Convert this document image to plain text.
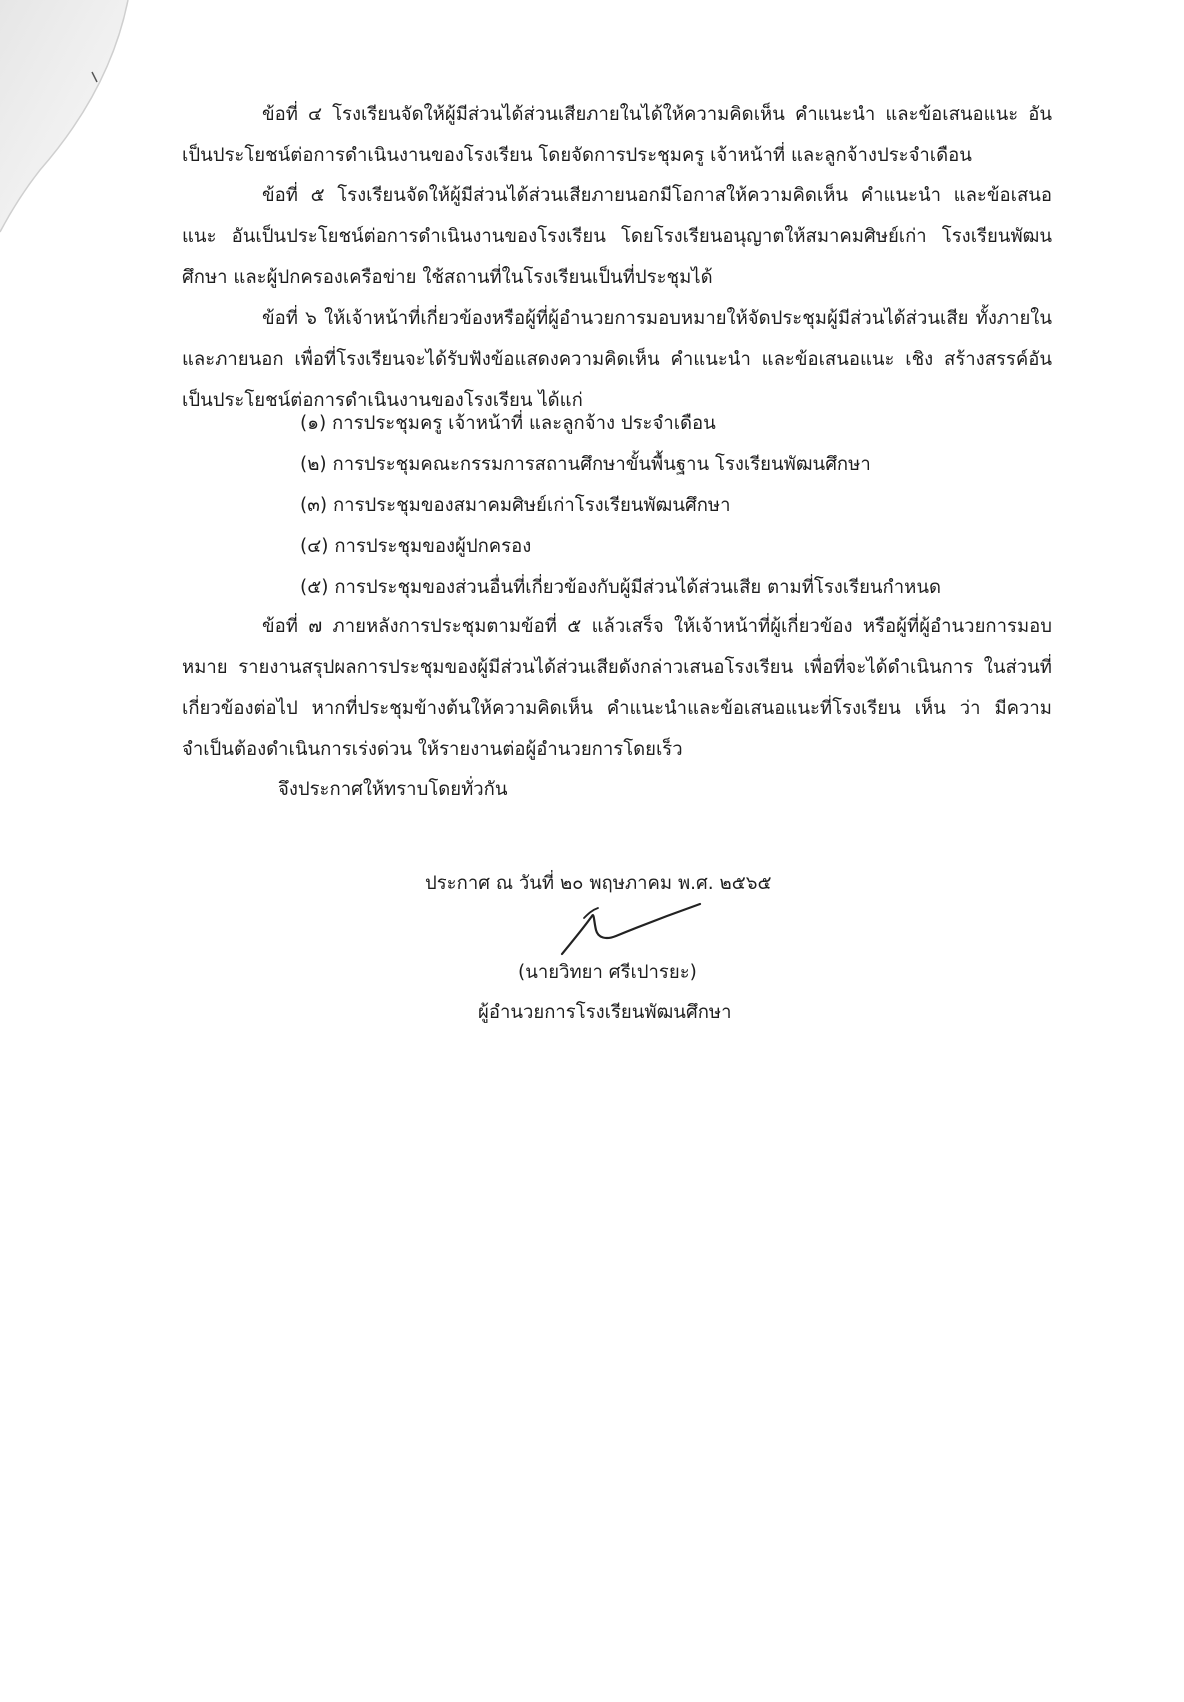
ข้อที่ ๔ โรงเรียนจัดให้ผู้มีส่วนได้ส่วนเสียภายในได้ให้ความคิดเห็น คำแนะนำ และข้อเสนอแนะ อันเป็นประโยชน์ต่อการดำเนินงานของโรงเรียน โดยจัดการประชุมครู เจ้าหน้าที่ และลูกจ้างประจำเดือน

ข้อที่ ๕ โรงเรียนจัดให้ผู้มีส่วนได้ส่วนเสียภายนอกมีโอกาสให้ความคิดเห็น คำแนะนำ และข้อเสนอแนะ อันเป็นประโยชน์ต่อการดำเนินงานของโรงเรียน โดยโรงเรียนอนุญาตให้สมาคมศิษย์เก่า โรงเรียนพัฒนศึกษา และผู้ปกครองเครือข่าย ใช้สถานที่ในโรงเรียนเป็นที่ประชุมได้

ข้อที่ ๖ ให้เจ้าหน้าที่เกี่ยวข้องหรือผู้ที่ผู้อำนวยการมอบหมายให้จัดประชุมผู้มีส่วนได้ส่วนเสีย ทั้งภายในและภายนอก เพื่อที่โรงเรียนจะได้รับฟังข้อแสดงความคิดเห็น คำแนะนำ และข้อเสนอแนะ เชิง สร้างสรรค์อันเป็นประโยชน์ต่อการดำเนินงานของโรงเรียน ได้แก่

(๑) การประชุมครู เจ้าหน้าที่ และลูกจ้าง ประจำเดือน
(๒) การประชุมคณะกรรมการสถานศึกษาขั้นพื้นฐาน โรงเรียนพัฒนศึกษา
(๓) การประชุมของสมาคมศิษย์เก่าโรงเรียนพัฒนศึกษา
(๔) การประชุมของผู้ปกครอง
(๕) การประชุมของส่วนอื่นที่เกี่ยวข้องกับผู้มีส่วนได้ส่วนเสีย ตามที่โรงเรียนกำหนด

ข้อที่ ๗ ภายหลังการประชุมตามข้อที่ ๕ แล้วเสร็จ ให้เจ้าหน้าที่ผู้เกี่ยวข้อง หรือผู้ที่ผู้อำนวยการมอบหมาย รายงานสรุปผลการประชุมของผู้มีส่วนได้ส่วนเสียดังกล่าวเสนอโรงเรียน เพื่อที่จะได้ดำเนินการ ในส่วนที่เกี่ยวข้องต่อไป หากที่ประชุมข้างต้นให้ความคิดเห็น คำแนะนำและข้อเสนอแนะที่โรงเรียน เห็น ว่า มีความจำเป็นต้องดำเนินการเร่งด่วน ให้รายงานต่อผู้อำนวยการโดยเร็ว

จึงประกาศให้ทราบโดยทั่วกัน

ประกาศ ณ วันที่ ๒๐ พฤษภาคม พ.ศ. ๒๕๖๕

(นายวิทยา ศรีเปารยะ)

ผู้อำนวยการโรงเรียนพัฒนศึกษา
